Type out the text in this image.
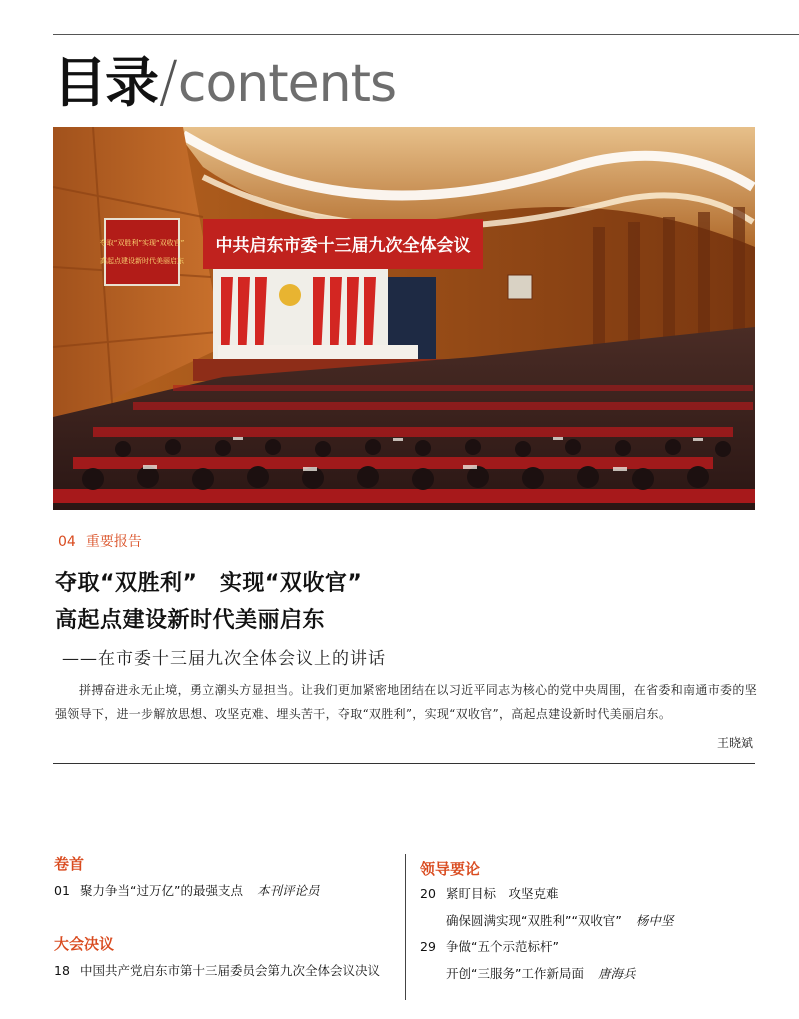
目录/contents
夺取“双胜利”实现“双收官”
高起点建设新时代美丽启东
中共启东市委十三届九次全体会议
04 重要报告
夺取“双胜利”　实现“双收官”
高起点建设新时代美丽启东
——在市委十三届九次全体会议上的讲话
拼搏奋进永无止境，勇立潮头方显担当。让我们更加紧密地团结在以习近平同志为核心的党中央周围，在省委和南通市委的坚强领导下，进一步解放思想、攻坚克难、埋头苦干，夺取“双胜利”，实现“双收官”，高起点建设新时代美丽启东。
王晓斌
卷首
01 聚力争当“过万亿”的最强支点 本刊评论员
大会决议
18 中国共产党启东市第十三届委员会第九次全体会议决议
领导要论
20 紧盯目标　攻坚克难
确保圆满实现“双胜利”“双收官” 杨中坚
29 争做“五个示范标杆”
开创“三服务”工作新局面 唐海兵
